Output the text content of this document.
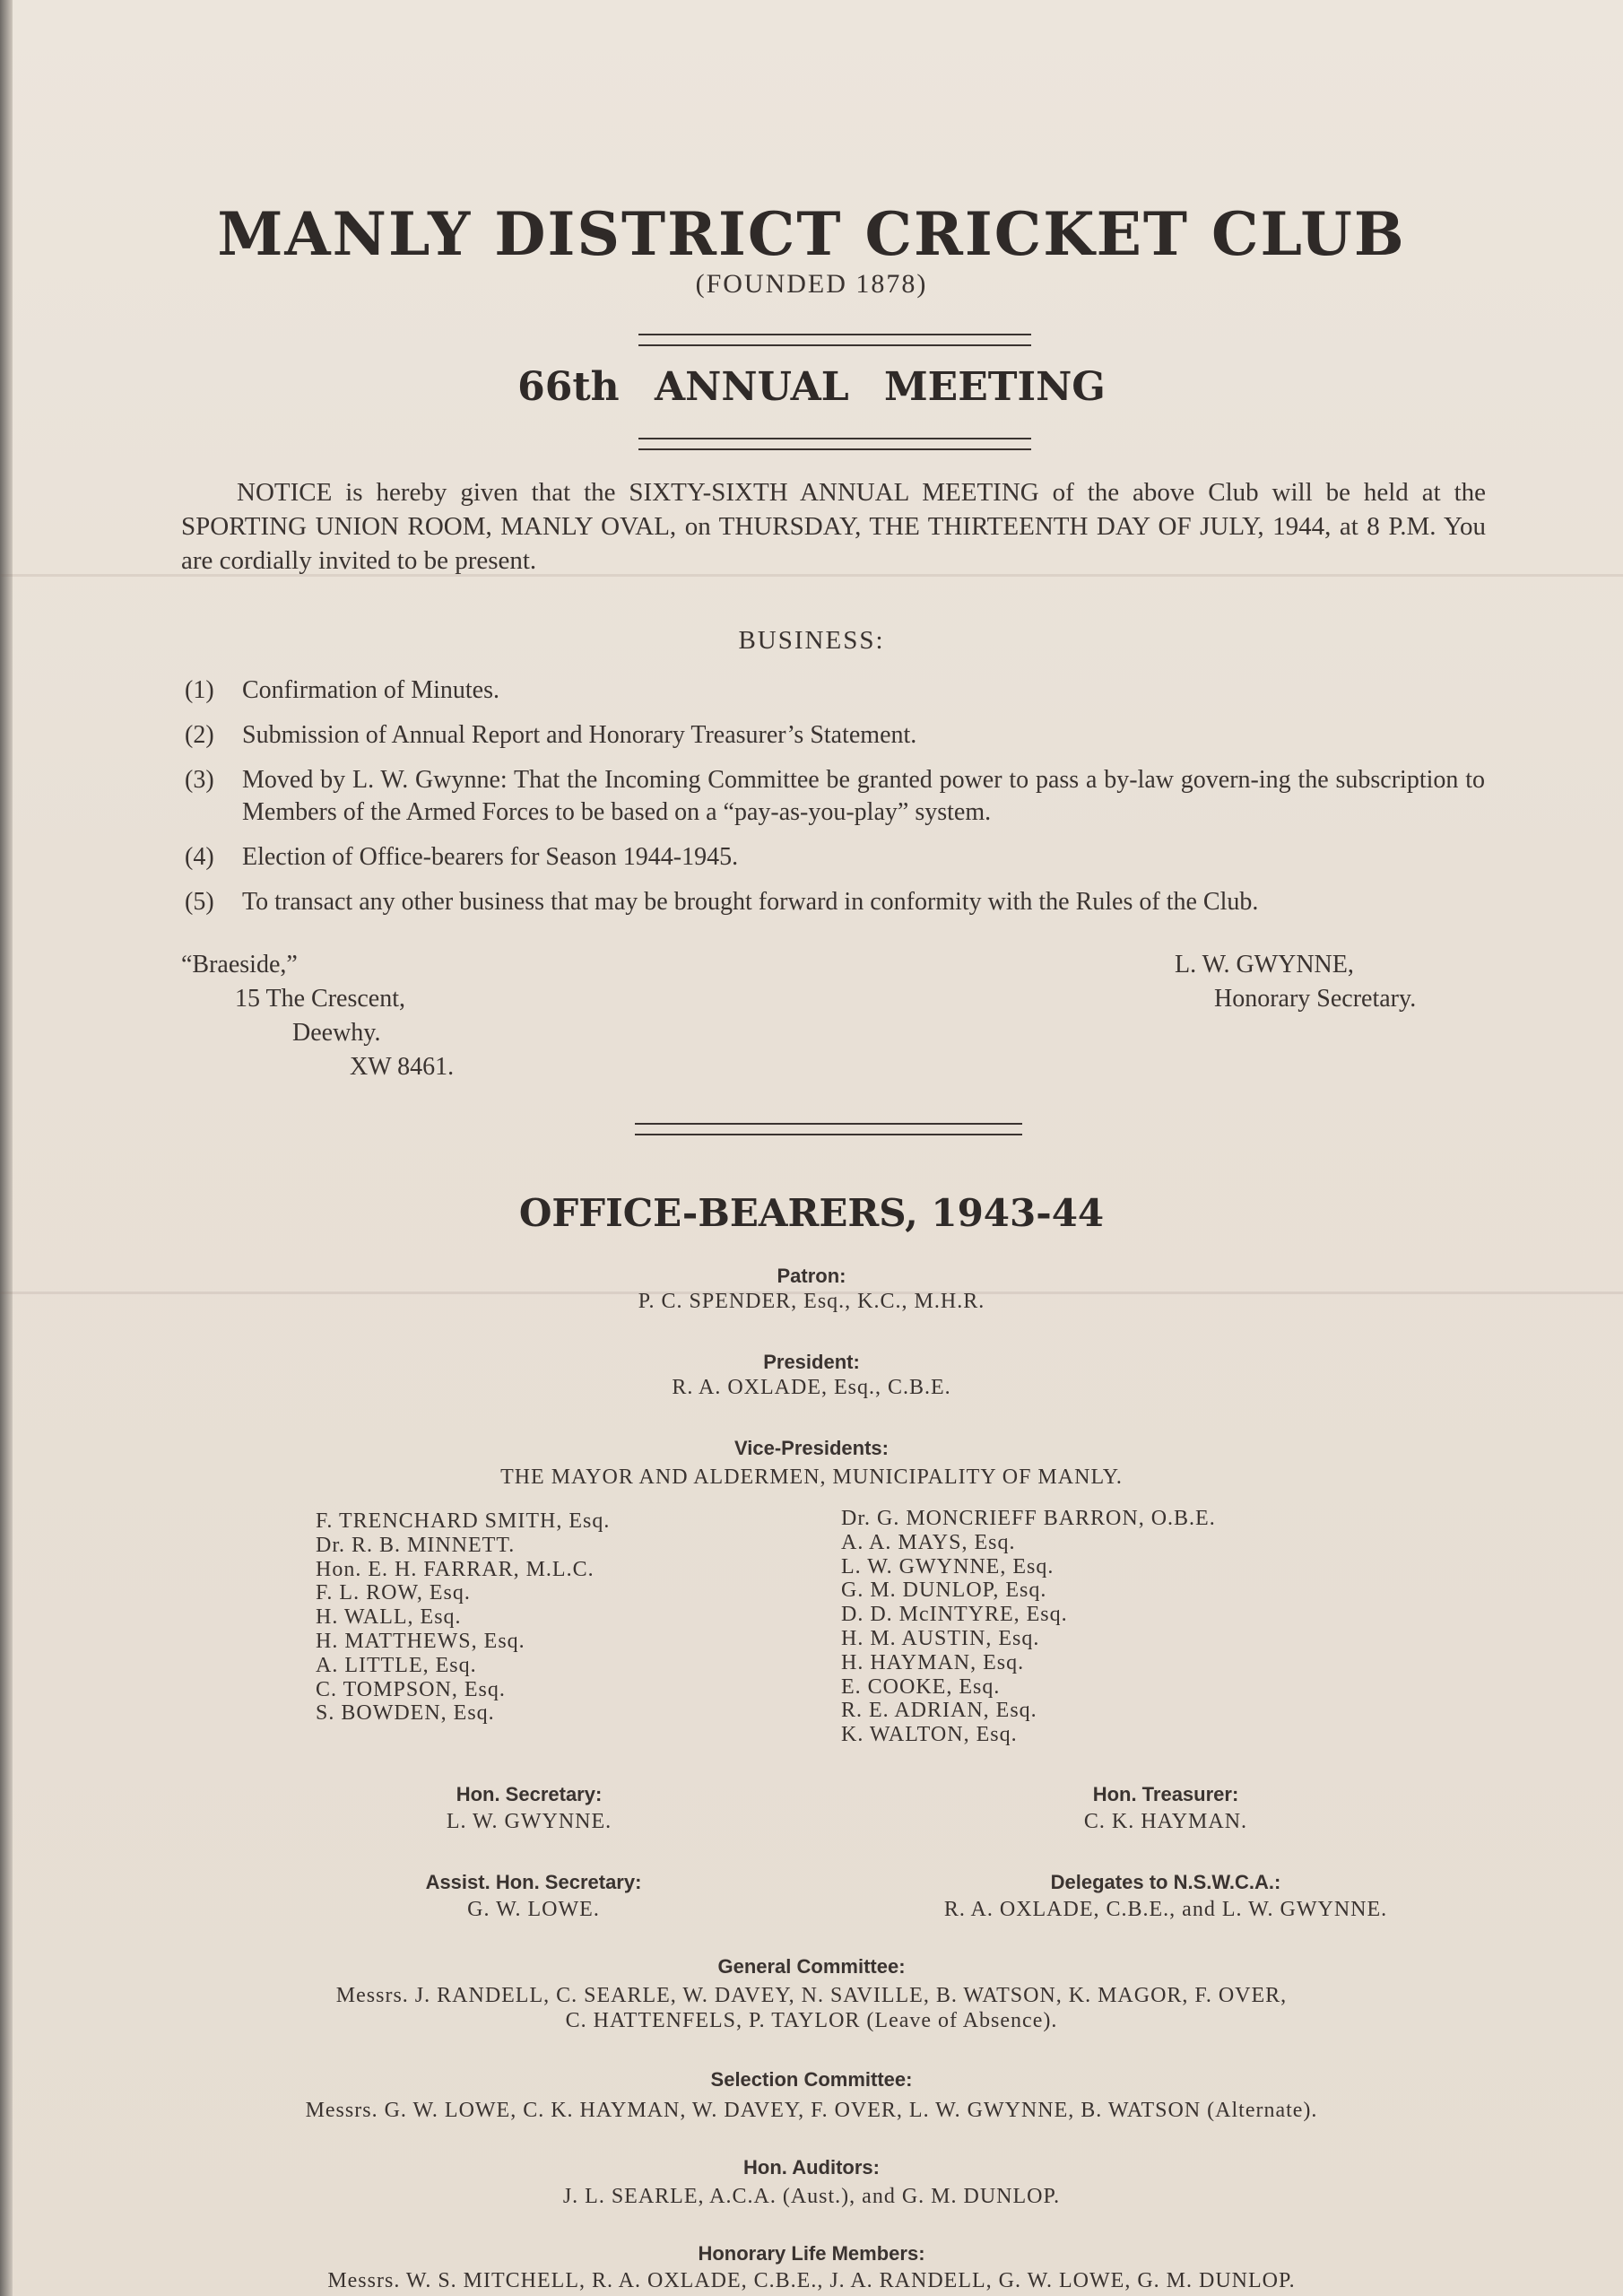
MANLY DISTRICT CRICKET CLUB
(FOUNDED 1878)
66th ANNUAL MEETING

NOTICE is hereby given that the SIXTY-SIXTH ANNUAL MEETING of the above Club will be held at the SPORTING UNION ROOM, MANLY OVAL, on THURSDAY, THE THIRTEENTH DAY OF JULY, 1944, at 8 P.M. You are cordially invited to be present.

BUSINESS:
(1) Confirmation of Minutes.
(2) Submission of Annual Report and Honorary Treasurer’s Statement.
(3) Moved by L. W. Gwynne: That the Incoming Committee be granted power to pass a by-law govern-ing the subscription to Members of the Armed Forces to be based on a “pay-as-you-play” system.
(4) Election of Office-bearers for Season 1944-1945.
(5) To transact any other business that may be brought forward in conformity with the Rules of the Club.
“Braeside,”
15 The Crescent,
Deewhy.
XW 8461.
L. W. GWYNNE,
Honorary Secretary.
OFFICE-BEARERS, 1943-44
Patron:
P. C. SPENDER, Esq., K.C., M.H.R.
President:
R. A. OXLADE, Esq., C.B.E.
Vice-Presidents:
THE MAYOR AND ALDERMEN, MUNICIPALITY OF MANLY.
F. TRENCHARD SMITH, Esq.
Dr. R. B. MINNETT.
Hon. E. H. FARRAR, M.L.C.
F. L. ROW, Esq.
H. WALL, Esq.
H. MATTHEWS, Esq.
A. LITTLE, Esq.
C. TOMPSON, Esq.
S. BOWDEN, Esq.
Dr. G. MONCRIEFF BARRON, O.B.E.
A. A. MAYS, Esq.
L. W. GWYNNE, Esq.
G. M. DUNLOP, Esq.
D. D. McINTYRE, Esq.
H. M. AUSTIN, Esq.
H. HAYMAN, Esq.
E. COOKE, Esq.
R. E. ADRIAN, Esq.
K. WALTON, Esq.
Hon. Secretary:
L. W. GWYNNE.
Hon. Treasurer:
C. K. HAYMAN.
Assist. Hon. Secretary:
G. W. LOWE.
Delegates to N.S.W.C.A.:
R. A. OXLADE, C.B.E., and L. W. GWYNNE.
General Committee:
Messrs. J. RANDELL, C. SEARLE, W. DAVEY, N. SAVILLE, B. WATSON, K. MAGOR, F. OVER,
C. HATTENFELS, P. TAYLOR (Leave of Absence).
Selection Committee:
Messrs. G. W. LOWE, C. K. HAYMAN, W. DAVEY, F. OVER, L. W. GWYNNE, B. WATSON (Alternate).
Hon. Auditors:
J. L. SEARLE, A.C.A. (Aust.), and G. M. DUNLOP.
Honorary Life Members:
Messrs. W. S. MITCHELL, R. A. OXLADE, C.B.E., J. A. RANDELL, G. W. LOWE, G. M. DUNLOP.
